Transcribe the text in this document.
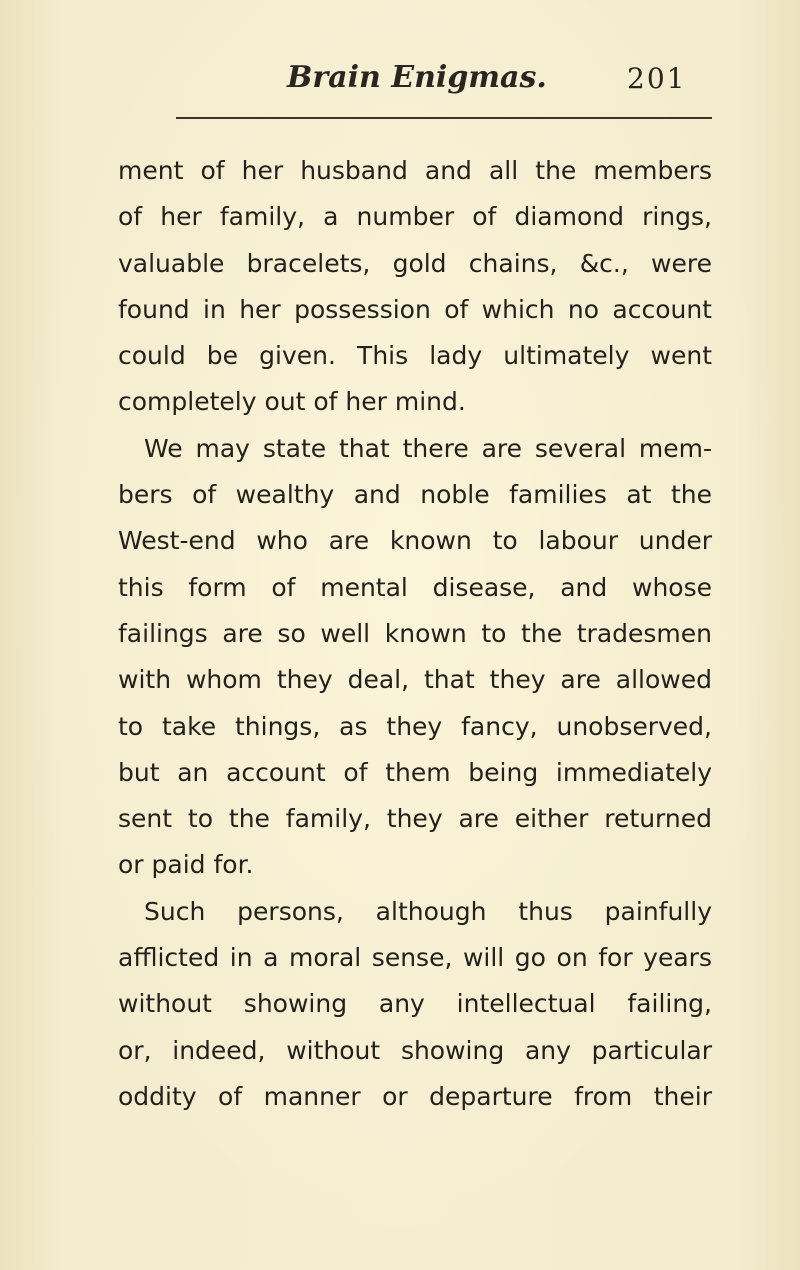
Brain Enigmas.	201
ment of her husband and all the members
of her family, a number of diamond rings,
valuable bracelets, gold chains, &c., were
found in her possession of which no account
could be given. This lady ultimately went
completely out of her mind.
We may state that there are several mem-
bers of wealthy and noble families at the
West-end who are known to labour under
this form of mental disease, and whose
failings are so well known to the tradesmen
with whom they deal, that they are allowed
to take things, as they fancy, unobserved,
but an account of them being immediately
sent to the family, they are either returned
or paid for.
Such persons, although thus painfully
afflicted in a moral sense, will go on for years
without showing any intellectual failing,
or, indeed, without showing any particular
oddity of manner or departure from their
